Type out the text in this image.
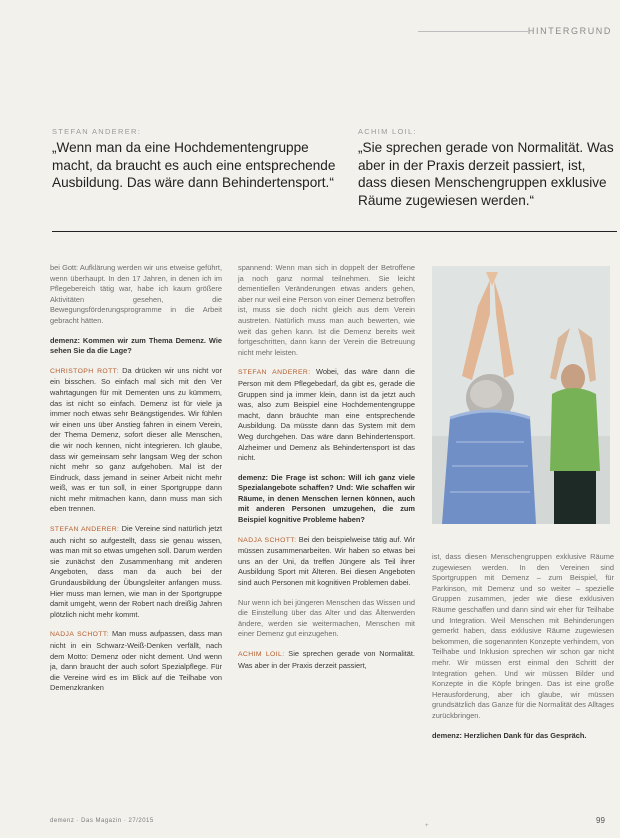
HINTERGRUND
STEFAN ANDERER:
„Wenn man da eine Hochdementengruppe macht, da braucht es auch eine entsprechende Ausbildung. Das wäre dann Behindertensport.“
ACHIM LOIL:
„Sie sprechen gerade von Normalität. Was aber in der Praxis derzeit passiert, ist, dass diesen Menschengruppen exklusive Räume zugewiesen werden.“

bei Gott: Aufklärung werden wir uns etweise geführt, wenn überhaupt. In den 17 Jahren, in denen ich im Pflegebereich tätig war, habe ich kaum größere Aktivitäten gesehen, die Bewegungsförderungsprogramme in die Arbeit gebracht hätten.

demenz: Kommen wir zum Thema Demenz. Wie sehen Sie da die Lage?

CHRISTOPH ROTT: Da drücken wir uns nicht vor ein bisschen. So einfach mal sich mit den Ver wahrtagungen für mit Dementen uns zu kümmern, das ist nicht so einfach. Demenz ist für viele ja immer noch etwas sehr Beängstigendes. Wir fühlen wir einen uns über Anstieg fahren in einem Verein, der Thema Demenz, sofort dieser alle Menschen, die wir noch kennen, nicht integrieren. Ich glaube, dass wir gemeinsam sehr langsam Weg der schon nicht mehr so ganz aufgehoben. Mal ist der Eindruck, dass jemand in seiner Arbeit nicht mehr weiß, was er tun soll, in einer Sportgruppe dann nicht mehr mitmachen kann, dann muss man sich eben trennen.

STEFAN ANDERER: Die Vereine sind natürlich jetzt auch nicht so aufgestellt, dass sie genau wissen, was man mit so etwas umgehen soll. Darum werden sie zunächst den Zusammenhang mit anderen Angeboten, dass man da auch bei der Grundausbildung der Übungsleiter anfangen muss. Hier muss man lernen, wie man in der Sportgruppe damit umgeht, wenn der Robert nach dreißig Jahren plötzlich nicht mehr kommt.

NADJA SCHOTT: Man muss aufpassen, dass man nicht in ein Schwarz-Weiß-Denken verfällt, nach dem Motto: Demenz oder nicht dement. Und wenn ja, dann braucht der auch sofort Spezialpflege. Für die Vereine wird es im Blick auf die Teilhabe von Demenzkranken

spannend: Wenn man sich in doppelt der Betroffene ja noch ganz normal teilnehmen. Sie leicht dementiellen Veränderungen etwas anders gehen, aber nur weil eine Person von einer Demenz betroffen ist, muss sie doch nicht gleich aus dem Verein austreten. Natürlich muss man auch bewerten, wie weit das gehen kann. Ist die Demenz bereits weit fortgeschritten, dann kann der Verein die Betreuung nicht mehr leisten.

STEFAN ANDERER: Wobei, das wäre dann die Person mit dem Pflegebedarf, da gibt es, gerade die Gruppen sind ja immer klein, dann ist da jetzt auch was, also zum Beispiel eine Hochdementengruppe macht, dann bräuchte man eine entsprechende Ausbildung. Da müsste dann das System mit dem Weg durchgehen. Das wäre dann Behindertensport. Alzheimer und Demenz als Behindertensport ist das nicht.

demenz: Die Frage ist schon: Will ich ganz viele Spezialangebote schaffen? Und: Wie schaffen wir Räume, in denen Menschen lernen können, auch mit anderen Personen umzugehen, die zum Beispiel kognitive Probleme haben?

NADJA SCHOTT: Bei den beispielweise tätig auf. Wir müssen zusammenarbeiten. Wir haben so etwas bei uns an der Uni, da treffen Jüngere als Teil ihrer Ausbildung Sport mit Älteren. Bei diesen Angeboten sind auch Personen mit kognitiven Problemen dabei.

Nur wenn ich bei jüngeren Menschen das Wissen und die Einstellung über das Alter und das Älterwerden ändere, werden sie weitermachen, Menschen mit einer Demenz gut einzugehen.

ACHIM LOIL: Sie sprechen gerade von Normalität. Was aber in der Praxis derzeit passiert,

ist, dass diesen Menschengruppen exklusive Räume zugewiesen werden. In den Vereinen sind Sportgruppen mit Demenz – zum Beispiel, für Parkinson, mit Demenz und so weiter – spezielle Gruppen zusammen, jeder wie diese exklusiven Räume geschaffen und dann sind wir eher für Teilhabe und Integration. Weil Menschen mit Behinderungen gemerkt haben, dass exklusive Räume zugewiesen bekommen, die sogenannten Konzepte verhindern, von Teilhabe und Inklusion sprechen wir schon gar nicht mehr. Wir müssen erst einmal den Schritt der Integration gehen. Und wir müssen Bilder und Konzepte in die Köpfe bringen. Das ist eine große Herausforderung, aber ich glaube, wir müssen grundsätzlich das Ganze für die Normalität des Alltages zurückbringen.

demenz: Herzlichen Dank für das Gespräch.

demenz · Das Magazin · 27/2015
+
99
